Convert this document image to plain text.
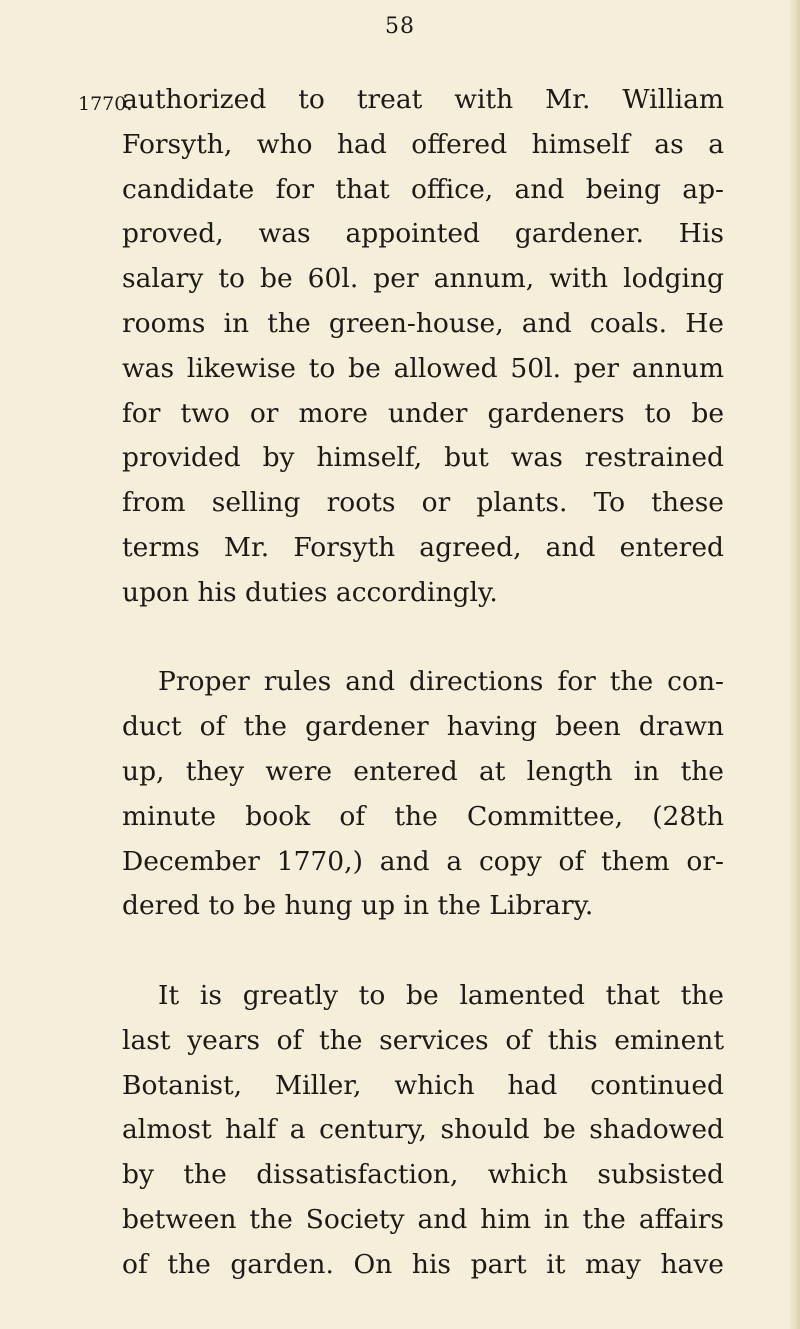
58
1770.
authorized to treat with Mr. William
Forsyth, who had offered himself as a
candidate for that office, and being ap-
proved, was appointed gardener. His
salary to be 60l. per annum, with lodging
rooms in the green-house, and coals. He
was likewise to be allowed 50l. per annum
for two or more under gardeners to be
provided by himself, but was restrained
from selling roots or plants. To these
terms Mr. Forsyth agreed, and entered
upon his duties accordingly.
Proper rules and directions for the con-
duct of the gardener having been drawn
up, they were entered at length in the
minute book of the Committee, (28th
December 1770,) and a copy of them or-
dered to be hung up in the Library.
It is greatly to be lamented that the
last years of the services of this eminent
Botanist, Miller, which had continued
almost half a century, should be shadowed
by the dissatisfaction, which subsisted
between the Society and him in the affairs
of the garden. On his part it may have
